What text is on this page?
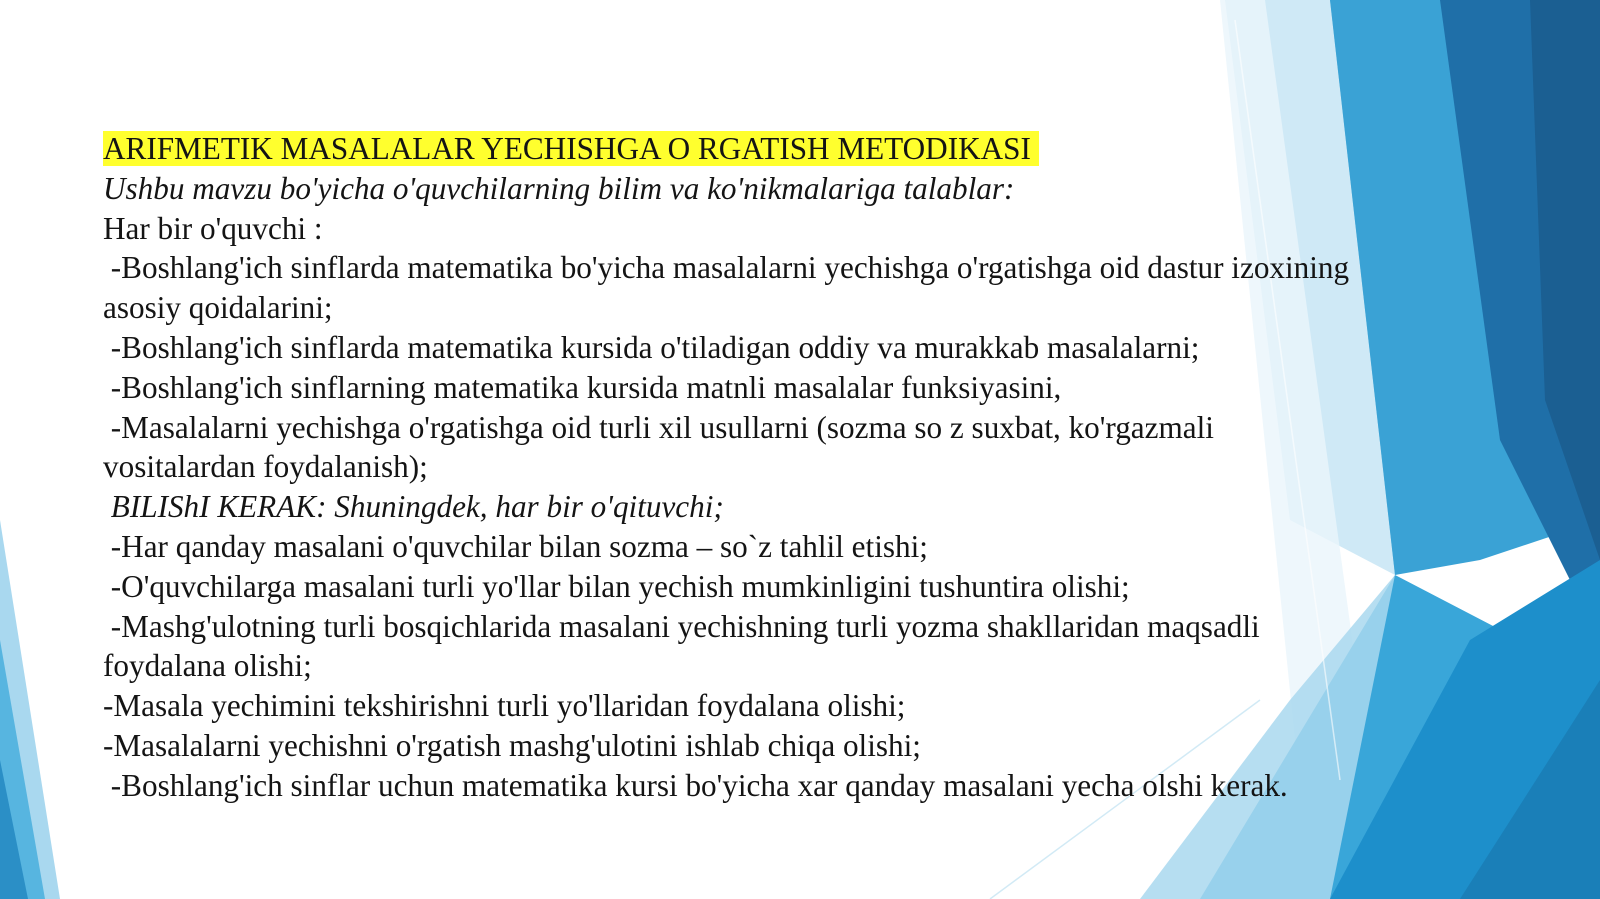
ARIFMETIK MASALALAR YECHISHGA O RGATISH METODIKASI

Ushbu mavzu bo'yicha o'quvchilarning bilim va ko'nikmalariga talablar:

Har bir o'quvchi :

-Boshlang'ich sinflarda matematika bo'yicha masalalarni yechishga o'rgatishga oid dastur izoxining asosiy qoidalarini;

-Boshlang'ich sinflarda matematika kursida o'tiladigan oddiy va murakkab masalalarni;

-Boshlang'ich sinflarning matematika kursida matnli masalalar funksiyasini,

-Masalalarni yechishga o'rgatishga oid turli xil usullarni (sozma so z suxbat, ko'rgazmali vositalardan foydalanish);

BILIShI KERAK: Shuningdek, har bir o'qituvchi;

-Har qanday masalani o'quvchilar bilan sozma – so`z tahlil etishi;

-O'quvchilarga masalani turli yo'llar bilan yechish mumkinligini tushuntira olishi;

-Mashg'ulotning turli bosqichlarida masalani yechishning turli yozma shakllaridan maqsadli foydalana olishi;

-Masala yechimini tekshirishni turli yo'llaridan foydalana olishi;

-Masalalarni yechishni o'rgatish mashg'ulotini ishlab chiqa olishi;

-Boshlang'ich sinflar uchun matematika kursi bo'yicha xar qanday masalani yecha olshi kerak.
